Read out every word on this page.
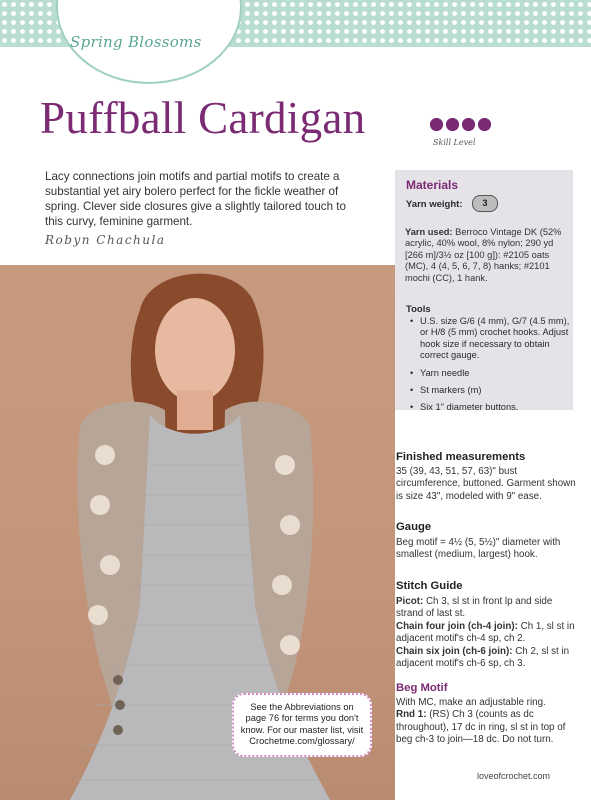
Spring Blossoms
Puffball Cardigan	Skill Level
Lacy connections join motifs and partial motifs to create a substantial yet airy bolero perfect for the fickle weather of spring. Clever side closures give a slightly tailored touch to this curvy, feminine garment.
Robyn Chachula
Materials
Yarn weight:	3
Yarn used: Berroco Vintage DK (52% acrylic, 40% wool, 8% nylon; 290 yd [266 m]/3½ oz [100 g]): #2105 oats (MC), 4 (4, 5, 6, 7, 8) hanks; #2101 mochi (CC), 1 hank.
Tools
• U.S. size G/6 (4 mm), G/7 (4.5 mm), or H/8 (5 mm) crochet hooks. Adjust hook size if necessary to obtain correct gauge.
• Yarn needle
• St markers (m)
• Six 1" diameter buttons.
Finished measurements
35 (39, 43, 51, 57, 63)" bust circumference, buttoned. Garment shown is size 43", modeled with 9" ease.
Gauge
Beg motif = 4½ (5, 5½)" diameter with smallest (medium, largest) hook.
Stitch Guide
Picot: Ch 3, sl st in front lp and side strand of last st.
Chain four join (ch-4 join): Ch 1, sl st in adjacent motif's ch-4 sp, ch 2.
Chain six join (ch-6 join): Ch 2, sl st in adjacent motif's ch-6 sp, ch 3.
Beg Motif
With MC, make an adjustable ring.
Rnd 1: (RS) Ch 3 (counts as dc throughout), 17 dc in ring, sl st in top of beg ch-3 to join—18 dc. Do not turn.
See the Abbreviations on page 76 for terms you don't know. For our master list, visit Crochetme.com/glossary/
loveofcrochet.com
